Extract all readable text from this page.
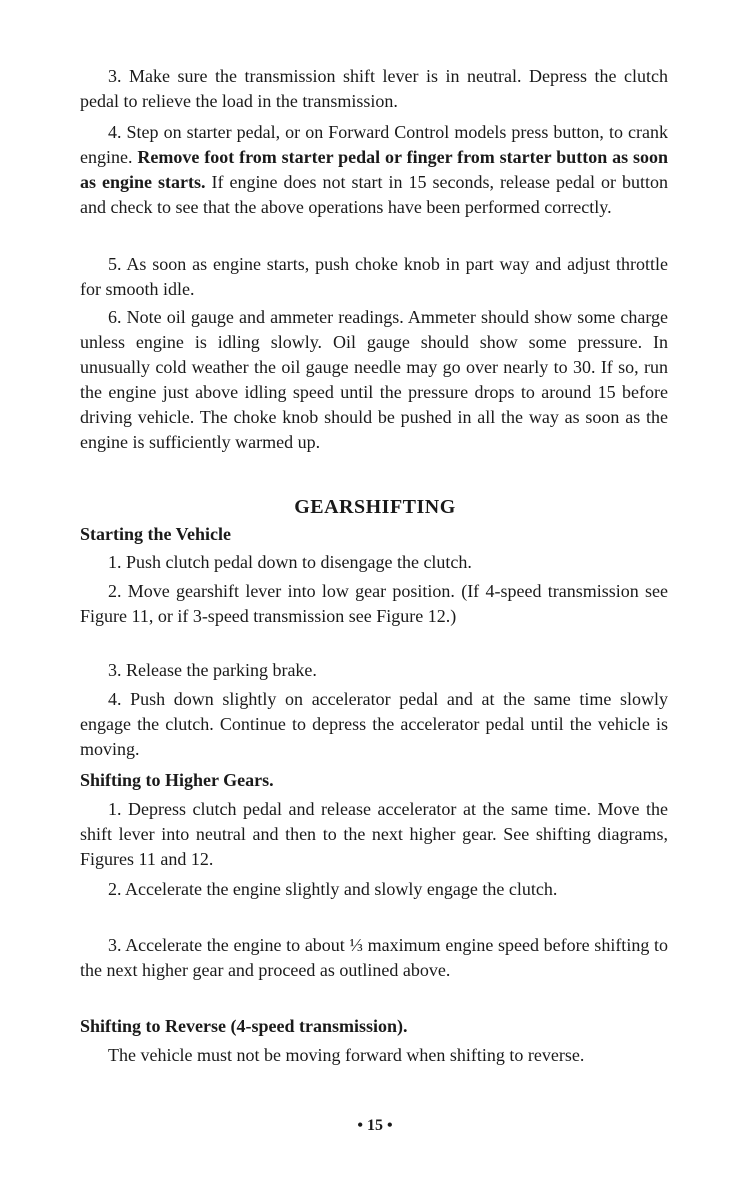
3. Make sure the transmission shift lever is in neutral. Depress the clutch pedal to relieve the load in the transmission.

4. Step on starter pedal, or on Forward Control models press button, to crank engine. Remove foot from starter pedal or finger from starter button as soon as engine starts. If engine does not start in 15 seconds, release pedal or button and check to see that the above operations have been performed correctly.

5. As soon as engine starts, push choke knob in part way and adjust throttle for smooth idle.

6. Note oil gauge and ammeter readings. Ammeter should show some charge unless engine is idling slowly. Oil gauge should show some pressure. In unusually cold weather the oil gauge needle may go over nearly to 30. If so, run the engine just above idling speed until the pressure drops to around 15 before driving vehicle. The choke knob should be pushed in all the way as soon as the engine is sufficiently warmed up.

GEARSHIFTING
Starting the Vehicle

1. Push clutch pedal down to disengage the clutch.

2. Move gearshift lever into low gear position. (If 4-speed transmission see Figure 11, or if 3-speed transmission see Figure 12.)

3. Release the parking brake.

4. Push down slightly on accelerator pedal and at the same time slowly engage the clutch. Continue to depress the accelerator pedal until the vehicle is moving.

Shifting to Higher Gears.

1. Depress clutch pedal and release accelerator at the same time. Move the shift lever into neutral and then to the next higher gear. See shifting diagrams, Figures 11 and 12.

2. Accelerate the engine slightly and slowly engage the clutch.

3. Accelerate the engine to about ⅓ maximum engine speed before shifting to the next higher gear and proceed as outlined above.

Shifting to Reverse (4-speed transmission).

The vehicle must not be moving forward when shifting to reverse.

• 15 •
